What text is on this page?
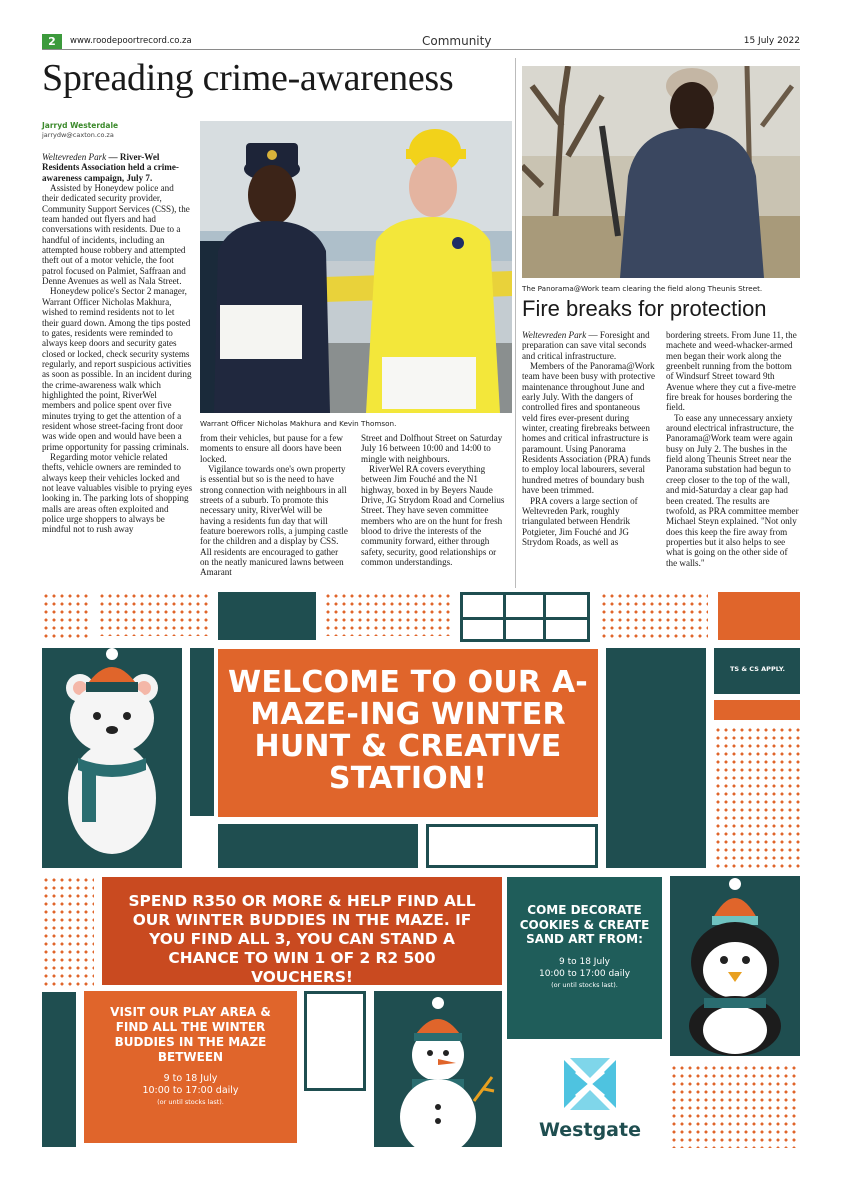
2	www.roodepoortrecord.co.za	Community	15 July 2022
Spreading crime-awareness
Jarryd Westerdale
jarrydw@caxton.co.za

Weltevreden Park — River-Wel Residents Association held a crime-awareness campaign, July 7.

Assisted by Honeydew police and their dedicated security provider, Community Support Services (CSS), the team handed out flyers and had conversations with residents. Due to a handful of incidents, including an attempted house robbery and attempted theft out of a motor vehicle, the foot patrol focused on Palmiet, Saffraan and Denne Avenues as well as Nala Street.

Honeydew police's Sector 2 manager, Warrant Officer Nicholas Makhura, wished to remind residents not to let their guard down. Among the tips posted to gates, residents were reminded to always keep doors and security gates closed or locked, check security systems regularly, and report suspicious activities as soon as possible. In an incident during the crime-awareness walk which highlighted the point, RiverWel members and police spent over five minutes trying to get the attention of a resident whose street-facing front door was wide open and would have been a prime opportunity for passing criminals.

Regarding motor vehicle related thefts, vehicle owners are reminded to always keep their vehicles locked and not leave valuables visible to prying eyes looking in. The parking lots of shopping malls are areas often exploited and police urge shoppers to always be mindful not to rush away

Warrant Officer Nicholas Makhura and Kevin Thomson.

from their vehicles, but pause for a few moments to ensure all doors have been locked.

Vigilance towards one's own property is essential but so is the need to have strong connection with neighbours in all streets of a suburb. To promote this necessary unity, RiverWel will be having a residents fun day that will feature boerewors rolls, a jumping castle for the children and a display by CSS. All residents are encouraged to gather on the neatly manicured lawns between Amarant

Street and Dolfhout Street on Saturday July 16 between 10:00 and 14:00 to mingle with neighbours.

RiverWel RA covers everything between Jim Fouché and the N1 highway, boxed in by Beyers Naude Drive, JG Strydom Road and Cornelius Street. They have seven committee members who are on the hunt for fresh blood to drive the interests of the community forward, either through safety, security, good relationships or common understandings.

The Panorama@Work team clearing the field along Theunis Street.
Fire breaks for protection

Weltevreden Park — Foresight and preparation can save vital seconds and critical infrastructure.

Members of the Panorama@Work team have been busy with protective maintenance throughout June and early July. With the dangers of controlled fires and spontaneous veld fires ever-present during winter, creating firebreaks between homes and critical infrastructure is paramount. Using Panorama Residents Association (PRA) funds to employ local labourers, several hundred metres of boundary bush have been trimmed.

PRA covers a large section of Weltevreden Park, roughly triangulated between Hendrik Potgieter, Jim Fouché and JG Strydom Roads, as well as

bordering streets. From June 11, the machete and weed-whacker-armed men began their work along the greenbelt running from the bottom of Windsurf Street toward 9th Avenue where they cut a five-metre fire break for houses bordering the field.

To ease any unnecessary anxiety around electrical infrastructure, the Panorama@Work team were again busy on July 2. The bushes in the field along Theunis Street near the Panorama substation had begun to creep closer to the top of the wall, and mid-Saturday a clear gap had been created. The results are twofold, as PRA committee member Michael Steyn explained. "Not only does this keep the fire away from properties but it also helps to see what is going on the other side of the walls."

TS & CS APPLY.
WELCOME TO OUR A-MAZE-ING WINTER HUNT & CREATIVE STATION!
SPEND R350 OR MORE & HELP FIND ALL OUR WINTER BUDDIES IN THE MAZE. IF YOU FIND ALL 3, YOU CAN STAND A CHANCE TO WIN 1 OF 2 R2 500 VOUCHERS!
VISIT OUR PLAY AREA & FIND ALL THE WINTER BUDDIES IN THE MAZE BETWEEN
9 to 18 July
10:00 to 17:00 daily
(or until stocks last).
COME DECORATE COOKIES & CREATE SAND ART FROM:
9 to 18 July
10:00 to 17:00 daily
(or until stocks last).
Westgate
